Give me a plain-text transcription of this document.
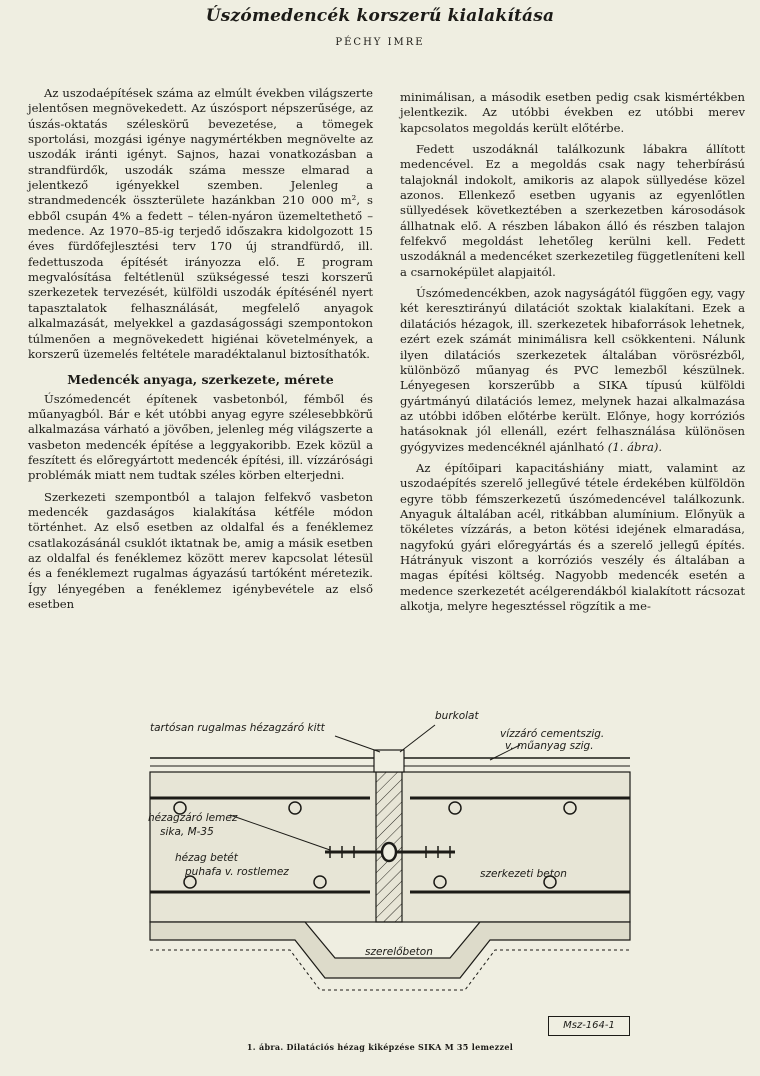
Úszómedencék korszerű kialakítása
PÉCHY IMRE

Az uszodaépítések száma az elmúlt években világszerte jelentősen megnövekedett. Az úszósport népszerűsége, az úszás-oktatás széleskörű bevezetése, a tömegek sportolási, mozgási igénye nagymértékben megnövelte az uszodák iránti igényt. Sajnos, hazai vonatkozásban a strandfürdők, uszodák száma messze elmarad a jelentkező igényekkel szemben. Jelenleg a strandmedencék összterülete hazánkban 210 000 m², s ebből csupán 4% a fedett – télen-nyáron üzemeltethető – medence. Az 1970–85-ig terjedő időszakra kidolgozott 15 éves fürdőfejlesztési terv 170 új strandfürdő, ill. fedettuszoda építését irányozza elő. E program megvalósítása feltétlenül szükségessé teszi korszerű szerkezetek tervezését, külföldi uszodák építésénél nyert tapasztalatok felhasználását, megfelelő anyagok alkalmazását, melyekkel a gazdaságossági szempontokon túlmenően a megnövekedett higiénai követelmények, a korszerű üzemelés feltétele maradéktalanul biztosíthatók.

Medencék anyaga, szerkezete, mérete

Úszómedencét építenek vasbetonból, fémből és műanyagból. Bár e két utóbbi anyag egyre szélesebbkörű alkalmazása várható a jövőben, jelenleg még világszerte a vasbeton medencék építése a leggyakoribb. Ezek közül a feszített és előregyártott medencék építési, ill. vízzárósági problémák miatt nem tudtak széles körben elterjedni.

Szerkezeti szempontból a talajon felfekvő vasbeton medencék gazdaságos kialakítása kétféle módon történhet. Az első esetben az oldalfal és a fenéklemez csatlakozásánál csuklót iktatnak be, amig a másik esetben az oldalfal és fenéklemez között merev kapcsolat létesül és a fenéklemezt rugalmas ágyazású tartóként méretezik. Így lényegében a fenéklemez igénybevétele az első esetben

minimálisan, a második esetben pedig csak kismértékben jelentkezik. Az utóbbi években ez utóbbi merev kapcsolatos megoldás került előtérbe.

Fedett uszodáknál találkozunk lábakra állított medencével. Ez a megoldás csak nagy teherbírású talajoknál indokolt, amikoris az alapok süllyedése közel azonos. Ellenkező esetben ugyanis az egyenlőtlen süllyedések következtében a szerkezetben károsodások állhatnak elő. A részben lábakon álló és részben talajon felfekvő megoldást lehetőleg kerülni kell. Fedett uszodáknál a medencéket szerkezetileg függetleníteni kell a csarnoképület alapjaitól.

Úszómedencékben, azok nagyságától függően egy, vagy két keresztirányú dilatációt szoktak kialakítani. Ezek a dilatációs hézagok, ill. szerkezetek hibaforrások lehetnek, ezért ezek számát minimálisra kell csökkenteni. Nálunk ilyen dilatációs szerkezetek általában vörösrézből, különböző műanyag és PVC lemezből készülnek. Lényegesen korszerűbb a SIKA típusú külföldi gyártmányú dilatációs lemez, melynek hazai alkalmazása az utóbbi időben előtérbe került. Előnye, hogy korróziós hatásoknak jól ellenáll, ezért felhasználása különösen gyógyvizes medencéknél ajánlható (1. ábra).

Az építőipari kapacitáshiány miatt, valamint az uszodaépítés szerelő jellegűvé tétele érdekében külföldön egyre több fémszerkezetű úszómedencével találkozunk. Anyaguk általában acél, ritkábban alumínium. Előnyük a tökéletes vízzárás, a beton kötési idejének elmaradása, nagyfokú gyári előregyártás és a szerelő jellegű építés. Hátrányuk viszont a korróziós veszély és általában a magas építési költség. Nagyobb medencék esetén a medence szerkezetét acélgerendákból kialakított rácsozat alkotja, melyre hegesztéssel rögzítik a me-

burkolat
tartósan rugalmas hézagzáró kitt	vízzáró cementszig.
v. műanyag szig.
hézagzáró lemez
sika, M-35
hézag betét
puhafa v. rostlemez	szerkezeti beton
szerelőbeton
Msz-164-1
1. ábra. Dilatációs hézag kiképzése SIKA M 35 lemezzel
